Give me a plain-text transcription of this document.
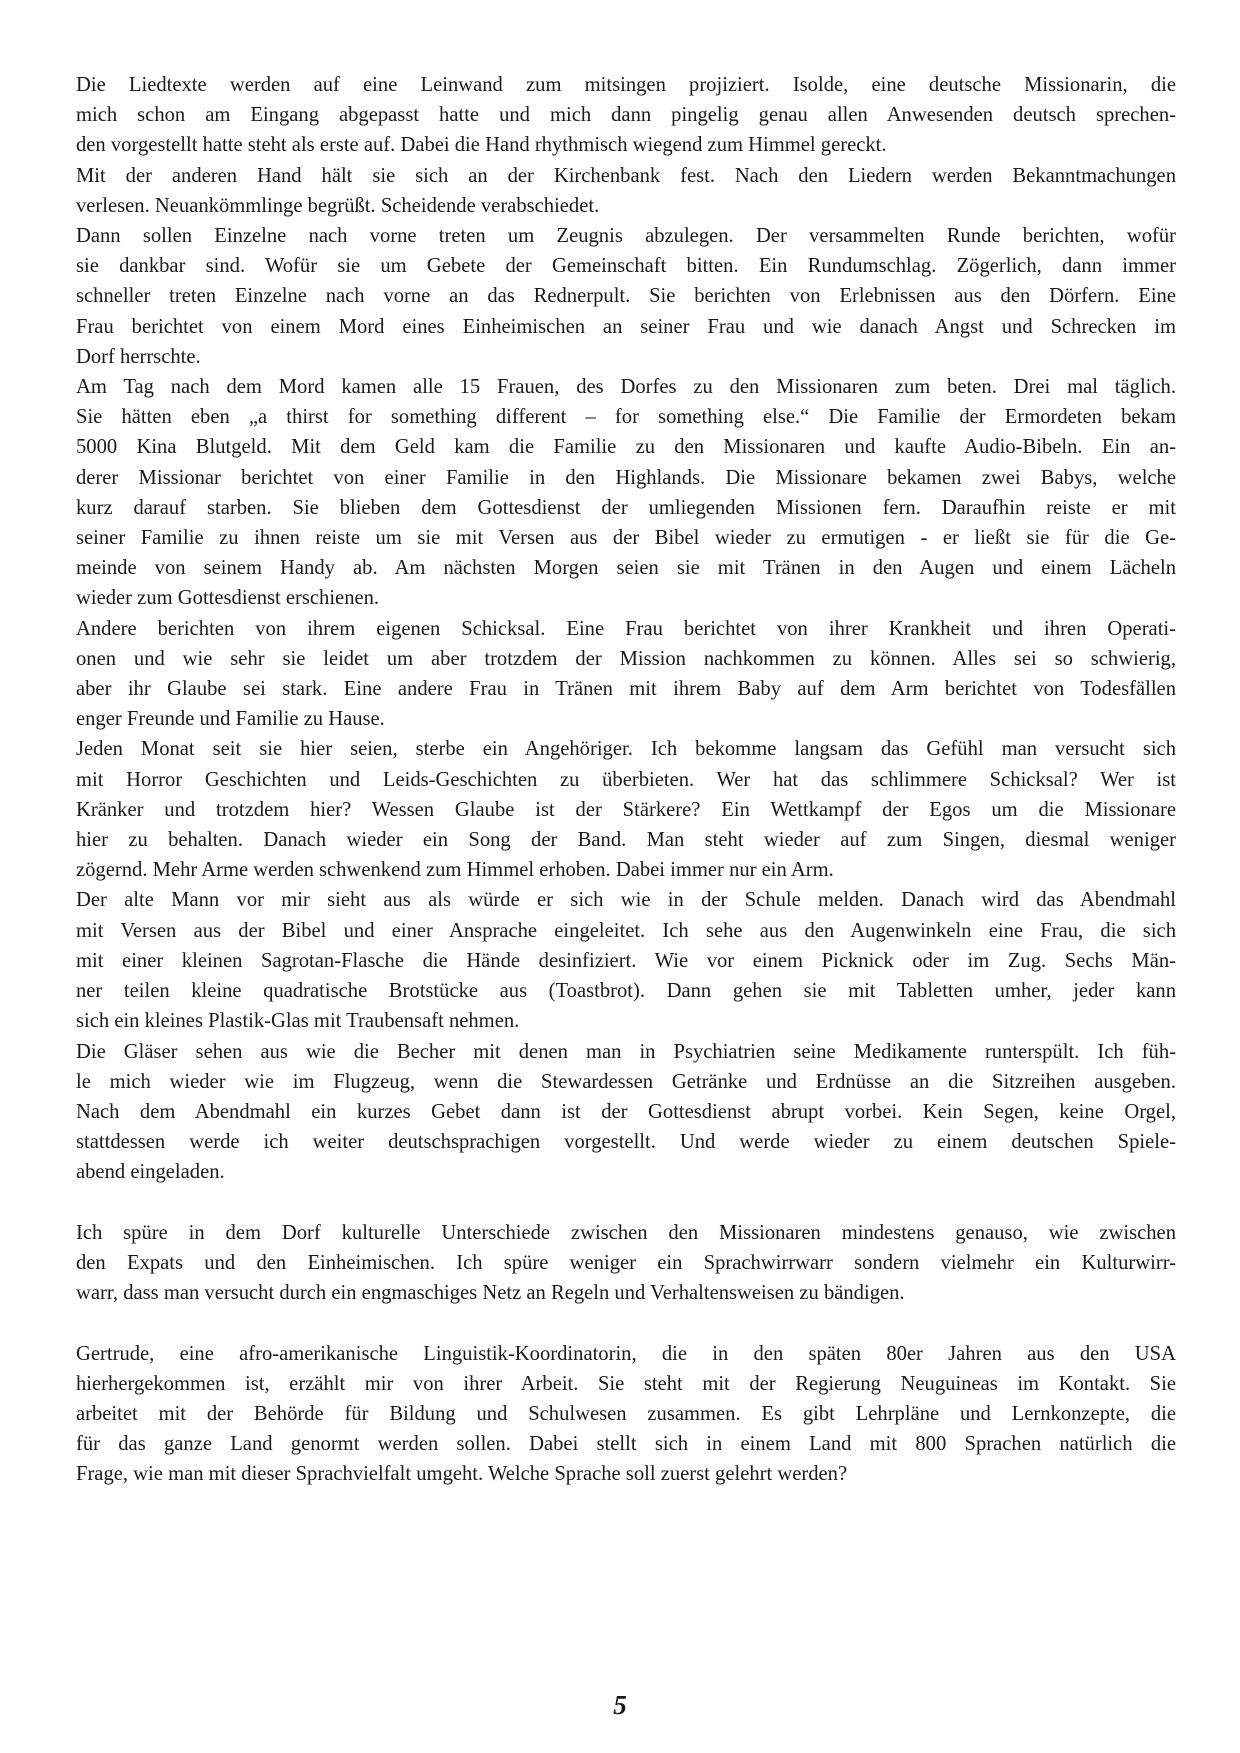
Die Liedtexte werden auf eine Leinwand zum mitsingen projiziert. Isolde, eine deutsche Missionarin, die
mich schon am Eingang abgepasst hatte und mich dann pingelig genau allen Anwesenden deutsch sprechen-
den vorgestellt hatte steht als erste auf. Dabei die Hand rhythmisch wiegend zum Himmel gereckt.
Mit der anderen Hand hält sie sich an der Kirchenbank fest. Nach den Liedern werden Bekanntmachungen
verlesen. Neuankömmlinge begrüßt. Scheidende verabschiedet.
Dann sollen Einzelne nach vorne treten um Zeugnis abzulegen. Der versammelten Runde berichten, wofür
sie dankbar sind. Wofür sie um Gebete der Gemeinschaft bitten. Ein Rundumschlag. Zögerlich, dann immer
schneller treten Einzelne nach vorne an das Rednerpult. Sie berichten von Erlebnissen aus den Dörfern. Eine
Frau berichtet von einem Mord eines Einheimischen an seiner Frau und wie danach Angst und Schrecken im
Dorf herrschte.
Am Tag nach dem Mord kamen alle 15 Frauen, des Dorfes zu den Missionaren zum beten. Drei mal täglich.
Sie hätten eben „a thirst for something different – for something else.“ Die Familie der Ermordeten bekam
5000 Kina Blutgeld. Mit dem Geld kam die Familie zu den Missionaren und kaufte Audio-Bibeln. Ein an-
derer Missionar berichtet von einer Familie in den Highlands. Die Missionare bekamen zwei Babys, welche
kurz darauf starben. Sie blieben dem Gottesdienst der umliegenden Missionen fern. Daraufhin reiste er mit
seiner Familie zu ihnen reiste um sie mit Versen aus der Bibel wieder zu ermutigen - er ließt sie für die Ge-
meinde von seinem Handy ab. Am nächsten Morgen seien sie mit Tränen in den Augen und einem Lächeln
wieder zum Gottesdienst erschienen.
Andere berichten von ihrem eigenen Schicksal. Eine Frau berichtet von ihrer Krankheit und ihren Operati-
onen und wie sehr sie leidet um aber trotzdem der Mission nachkommen zu können. Alles sei so schwierig,
aber ihr Glaube sei stark. Eine andere Frau in Tränen mit ihrem Baby auf dem Arm berichtet von Todesfällen
enger Freunde und Familie zu Hause.
Jeden Monat seit sie hier seien, sterbe ein Angehöriger. Ich bekomme langsam das Gefühl man versucht sich
mit Horror Geschichten und Leids-Geschichten zu überbieten. Wer hat das schlimmere Schicksal? Wer ist
Kränker und trotzdem hier? Wessen Glaube ist der Stärkere? Ein Wettkampf der Egos um die Missionare
hier zu behalten. Danach wieder ein Song der Band. Man steht wieder auf zum Singen, diesmal weniger
zögernd. Mehr Arme werden schwenkend zum Himmel erhoben. Dabei immer nur ein Arm.
Der alte Mann vor mir sieht aus als würde er sich wie in der Schule melden. Danach wird das Abendmahl
mit Versen aus der Bibel und einer Ansprache eingeleitet. Ich sehe aus den Augenwinkeln eine Frau, die sich
mit einer kleinen Sagrotan-Flasche die Hände desinfiziert. Wie vor einem Picknick oder im Zug. Sechs Män-
ner teilen kleine quadratische Brotstücke aus (Toastbrot). Dann gehen sie mit Tabletten umher, jeder kann
sich ein kleines Plastik-Glas mit Traubensaft nehmen.
Die Gläser sehen aus wie die Becher mit denen man in Psychiatrien seine Medikamente runterspült. Ich füh-
le mich wieder wie im Flugzeug, wenn die Stewardessen Getränke und Erdnüsse an die Sitzreihen ausgeben.
Nach dem Abendmahl ein kurzes Gebet dann ist der Gottesdienst abrupt vorbei. Kein Segen, keine Orgel,
stattdessen werde ich weiter deutschsprachigen vorgestellt. Und werde wieder zu einem deutschen Spiele-
abend eingeladen.
Ich spüre in dem Dorf kulturelle Unterschiede zwischen den Missionaren mindestens genauso, wie zwischen
den Expats und den Einheimischen. Ich spüre weniger ein Sprachwirrwarr sondern vielmehr ein Kulturwirr-
warr, dass man versucht durch ein engmaschiges Netz an Regeln und Verhaltensweisen zu bändigen.
Gertrude, eine afro-amerikanische Linguistik-Koordinatorin, die in den späten 80er Jahren aus den USA
hierhergekommen ist, erzählt mir von ihrer Arbeit. Sie steht mit der Regierung Neuguineas im Kontakt. Sie
arbeitet mit der Behörde für Bildung und Schulwesen zusammen. Es gibt Lehrpläne und Lernkonzepte, die
für das ganze Land genormt werden sollen. Dabei stellt sich in einem Land mit 800 Sprachen natürlich die
Frage, wie man mit dieser Sprachvielfalt umgeht. Welche Sprache soll zuerst gelehrt werden?
5
